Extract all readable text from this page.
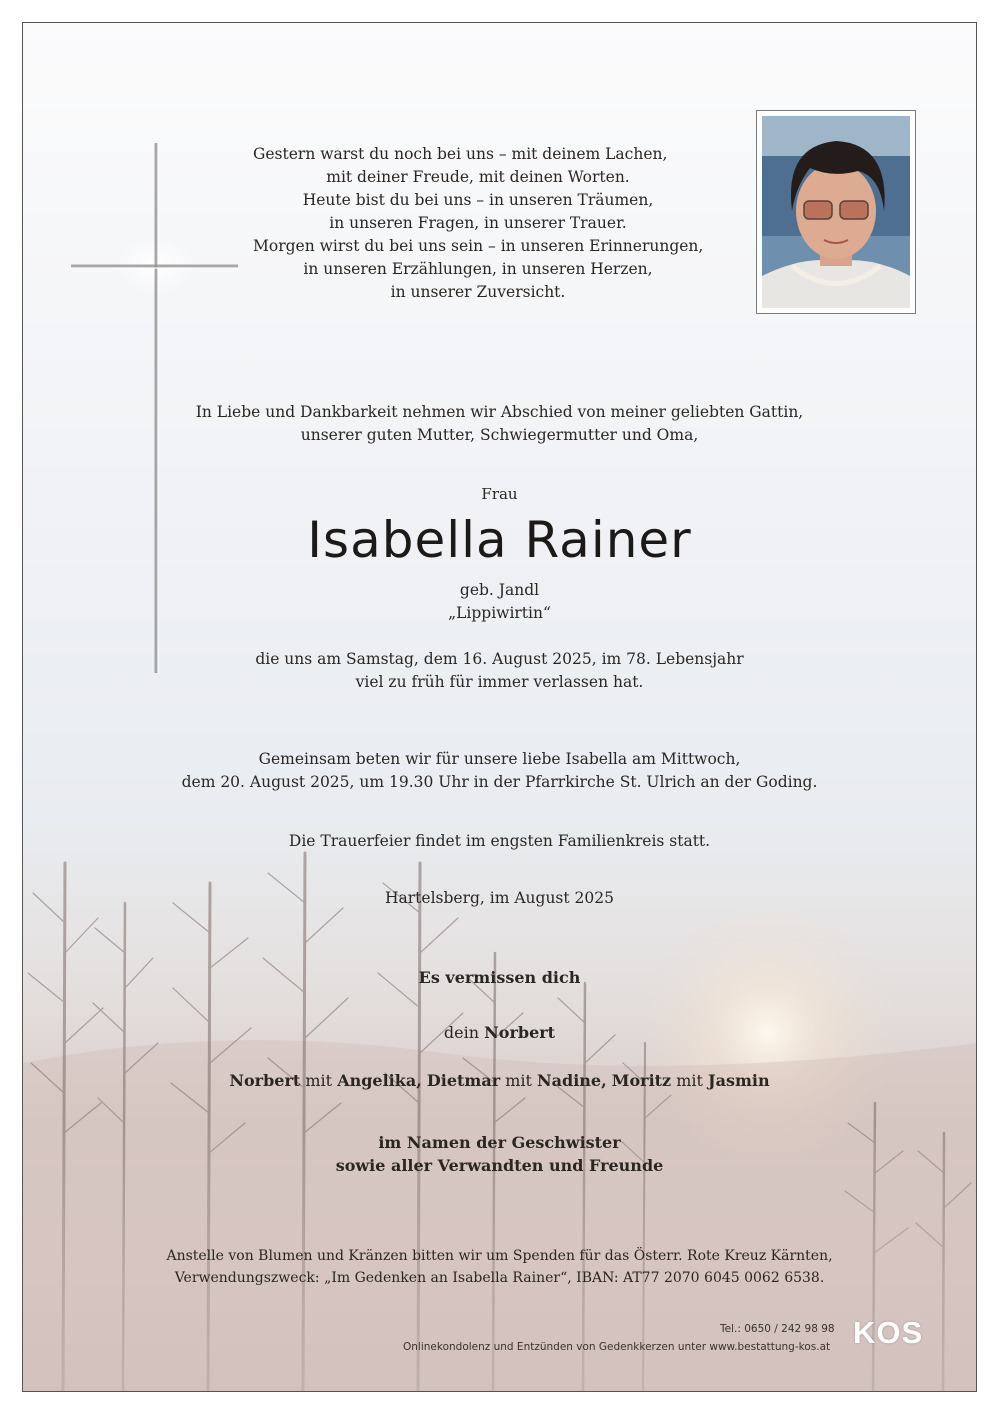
Gestern warst du noch bei uns – mit deinem Lachen,
mit deiner Freude, mit deinen Worten.
Heute bist du bei uns – in unseren Träumen,
in unseren Fragen, in unserer Trauer.
Morgen wirst du bei uns sein – in unseren Erinnerungen,
in unseren Erzählungen, in unseren Herzen,
in unserer Zuversicht.
In Liebe und Dankbarkeit nehmen wir Abschied von meiner geliebten Gattin,
unserer guten Mutter, Schwiegermutter und Oma,
Frau
Isabella Rainer
geb. Jandl
„Lippiwirtin“
die uns am Samstag, dem 16. August 2025, im 78. Lebensjahr
viel zu früh für immer verlassen hat.
Gemeinsam beten wir für unsere liebe Isabella am Mittwoch,
dem 20. August 2025, um 19.30 Uhr in der Pfarrkirche St. Ulrich an der Goding.
Die Trauerfeier findet im engsten Familienkreis statt.
Hartelsberg, im August 2025
Es vermissen dich
dein Norbert
Norbert mit Angelika, Dietmar mit Nadine, Moritz mit Jasmin
im Namen der Geschwister
sowie aller Verwandten und Freunde
Anstelle von Blumen und Kränzen bitten wir um Spenden für das Österr. Rote Kreuz Kärnten,
Verwendungszweck: „Im Gedenken an Isabella Rainer“, IBAN: AT77 2070 6045 0062 6538.
Tel.: 0650 / 242 98 98
Onlinekondolenz und Entzünden von Gedenkkerzen unter www.bestattung-kos.at KOS
